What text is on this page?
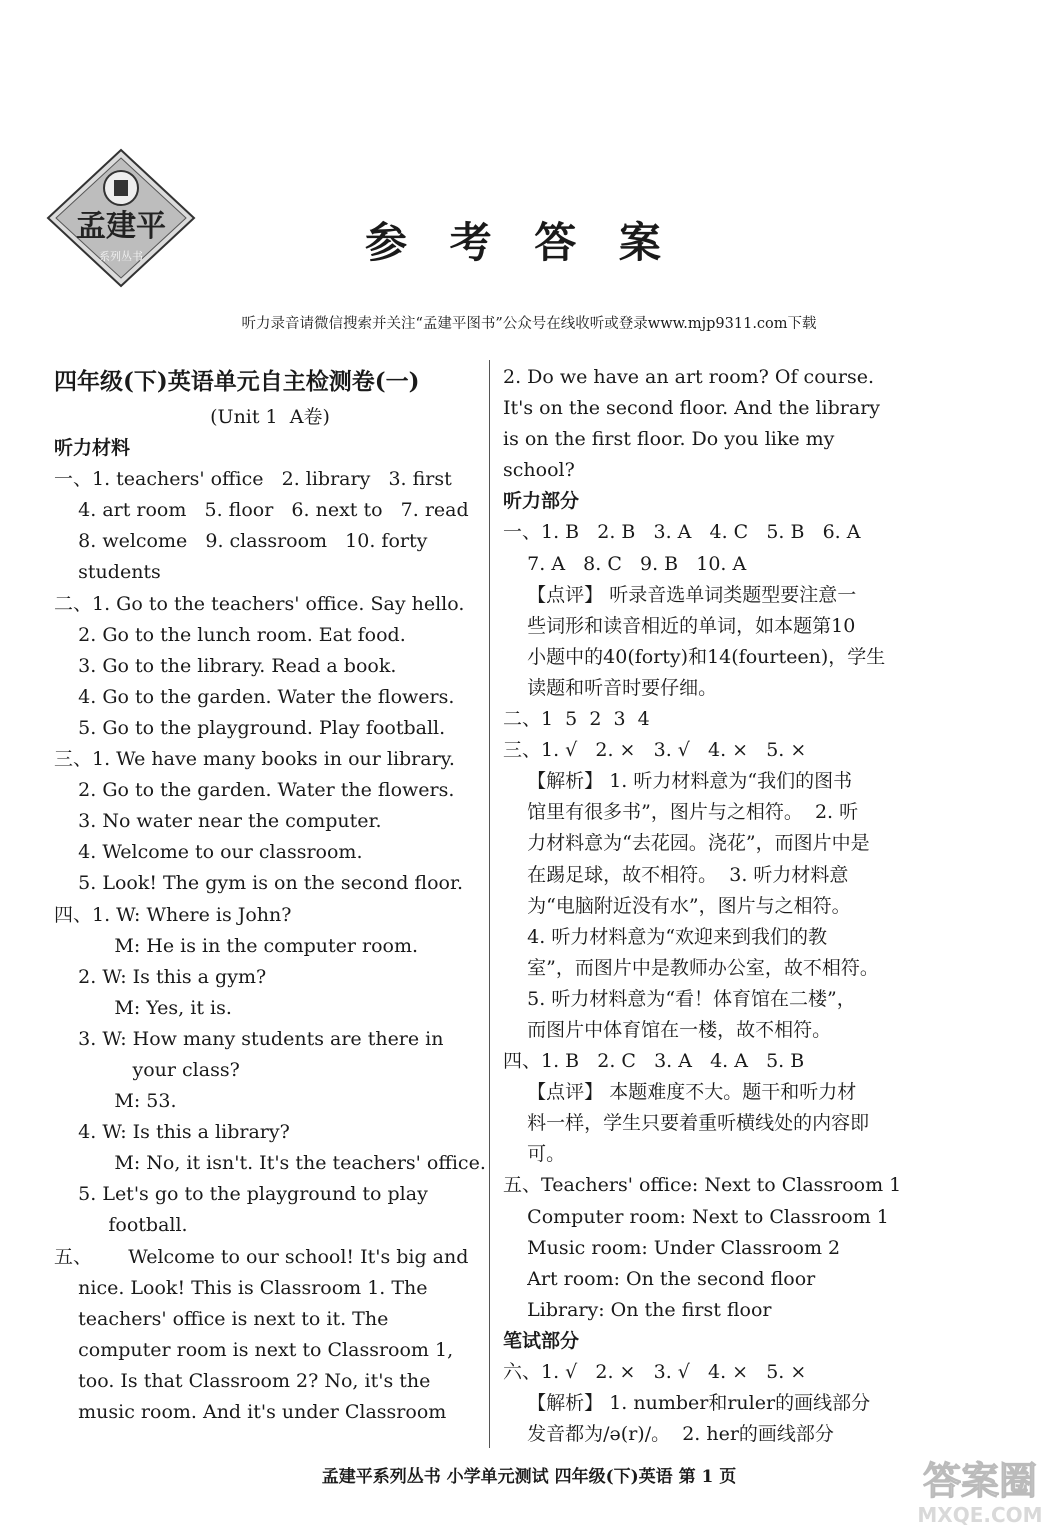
孟建平
系列丛书	参 考 答 案
听力录音请微信搜索并关注“孟建平图书”公众号在线收听或登录www.mjp9311.com下载
四年级(下)英语单元自主检测卷(一)
(Unit 1  A卷)
听力材料
一、1. teachers' office   2. library   3. first
4. art room   5. floor   6. next to   7. read
8. welcome   9. classroom   10. forty
students
二、1. Go to the teachers' office. Say hello.
2. Go to the lunch room. Eat food.
3. Go to the library. Read a book.
4. Go to the garden. Water the flowers.
5. Go to the playground. Play football.
三、1. We have many books in our library.
2. Go to the garden. Water the flowers.
3. No water near the computer.
4. Welcome to our classroom.
5. Look! The gym is on the second floor.
四、1. W: Where is John?
M: He is in the computer room.
2. W: Is this a gym?
M: Yes, it is.
3. W: How many students are there in
your class?
M: 53.
4. W: Is this a library?
M: No, it isn't. It's the teachers' office.
5. Let's go to the playground to play
football.
五、      Welcome to our school! It's big and
nice. Look! This is Classroom 1. The
teachers' office is next to it. The
computer room is next to Classroom 1,
too. Is that Classroom 2? No, it's the
music room. And it's under Classroom
2. Do we have an art room? Of course.
It's on the second floor. And the library
is on the first floor. Do you like my
school?
听力部分
一、1. B   2. B   3. A   4. C   5. B   6. A
7. A   8. C   9. B   10. A
【点评】 听录音选单词类题型要注意一
些词形和读音相近的单词，如本题第10
小题中的40(forty)和14(fourteen)，学生
读题和听音时要仔细。
二、1  5  2  3  4
三、1. √   2. ×   3. √   4. ×   5. ×
【解析】 1. 听力材料意为“我们的图书
馆里有很多书”，图片与之相符。  2. 听
力材料意为“去花园。浇花”，而图片中是
在踢足球，故不相符。  3. 听力材料意
为“电脑附近没有水”，图片与之相符。
4. 听力材料意为“欢迎来到我们的教
室”，而图片中是教师办公室，故不相符。
5. 听力材料意为“看！体育馆在二楼”，
而图片中体育馆在一楼，故不相符。
四、1. B   2. C   3. A   4. A   5. B
【点评】 本题难度不大。题干和听力材
料一样，学生只要着重听横线处的内容即
可。
五、Teachers' office: Next to Classroom 1
Computer room: Next to Classroom 1
Music room: Under Classroom 2
Art room: On the second floor
Library: On the first floor
笔试部分
六、1. √   2. ×   3. √   4. ×   5. ×
【解析】 1. number和ruler的画线部分
发音都为/ə(r)/。  2. her的画线部分
孟建平系列丛书 小学单元测试 四年级(下)英语 第 1 页	答案圈
MXQE.COM
